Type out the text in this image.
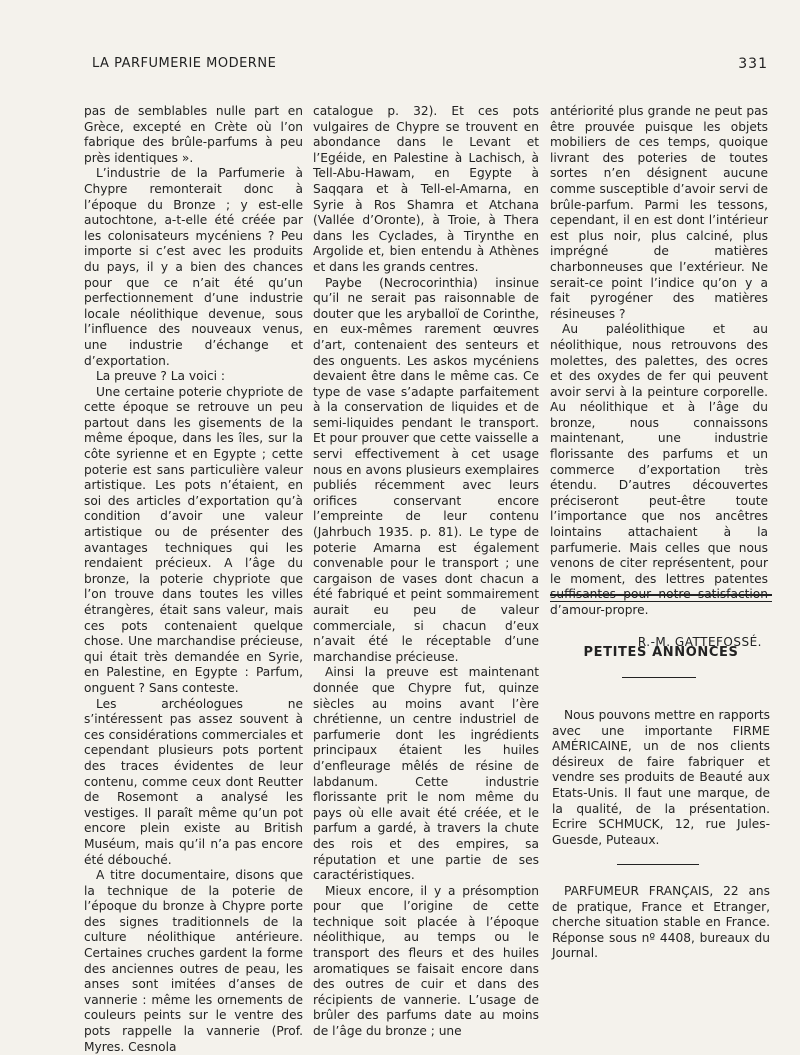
LA PARFUMERIE MODERNE	331

pas de semblables nulle part en Grèce, excepté en Crète où l’on fabrique des brûle-parfums à peu près identiques ».

L’industrie de la Parfumerie à Chypre remonterait donc à l’époque du Bronze ; y est-elle autochtone, a-t-elle été créée par les colonisateurs mycéniens ? Peu importe si c’est avec les produits du pays, il y a bien des chances pour que ce n’ait été qu’un perfectionnement d’une industrie locale néolithique devenue, sous l’influence des nouveaux venus, une industrie d’échange et d’exportation.

La preuve ? La voici :

Une certaine poterie chypriote de cette époque se retrouve un peu partout dans les gisements de la même époque, dans les îles, sur la côte syrienne et en Egypte ; cette poterie est sans particulière valeur artistique. Les pots n’étaient, en soi des articles d’exportation qu’à condition d’avoir une valeur artistique ou de présenter des avantages techniques qui les rendaient précieux. A l’âge du bronze, la poterie chypriote que l’on trouve dans toutes les villes étrangères, était sans valeur, mais ces pots contenaient quelque chose. Une marchandise précieuse, qui était très demandée en Syrie, en Palestine, en Egypte : Parfum, onguent ? Sans conteste.

Les archéologues ne s’intéressent pas assez souvent à ces considérations commerciales et cependant plusieurs pots portent des traces évidentes de leur contenu, comme ceux dont Reutter de Rosemont a analysé les vestiges. Il paraît même qu’un pot encore plein existe au British Muséum, mais qu’il n’a pas encore été débouché.

A titre documentaire, disons que la technique de la poterie de l’époque du bronze à Chypre porte des signes traditionnels de la culture néolithique antérieure. Certaines cruches gardent la forme des anciennes outres de peau, les anses sont imitées d’anses de vannerie : même les ornements de couleurs peints sur le ventre des pots rappelle la vannerie (Prof. Myres. Cesnola

catalogue p. 32). Et ces pots vulgaires de Chypre se trouvent en abondance dans le Levant et l’Egéide, en Palestine à Lachisch, à Tell-Abu-Hawam, en Egypte à Saqqara et à Tell-el-Amarna, en Syrie à Ros Shamra et Atchana (Vallée d’Oronte), à Troie, à Thera dans les Cyclades, à Tirynthe en Argolide et, bien entendu à Athènes et dans les grands centres.

Paybe (Necrocorinthia) insinue qu’il ne serait pas raisonnable de douter que les aryballoï de Corinthe, en eux-mêmes rarement œuvres d’art, contenaient des senteurs et des onguents. Les askos mycéniens devaient être dans le même cas. Ce type de vase s’adapte parfaitement à la conservation de liquides et de semi-liquides pendant le transport. Et pour prouver que cette vaisselle a servi effectivement à cet usage nous en avons plusieurs exemplaires publiés récemment avec leurs orifices conservant encore l’empreinte de leur contenu (Jahrbuch 1935. p. 81). Le type de poterie Amarna est également convenable pour le transport ; une cargaison de vases dont chacun a été fabriqué et peint sommairement aurait eu peu de valeur commerciale, si chacun d’eux n’avait été le réceptable d’une marchandise précieuse.

Ainsi la preuve est maintenant donnée que Chypre fut, quinze siècles au moins avant l’ère chrétienne, un centre industriel de parfumerie dont les ingrédients principaux étaient les huiles d’enfleurage mêlés de résine de labdanum. Cette industrie florissante prit le nom même du pays où elle avait été créée, et le parfum a gardé, à travers la chute des rois et des empires, sa réputation et une partie de ses caractéristiques.

Mieux encore, il y a présomption pour que l’origine de cette technique soit placée à l’époque néolithique, au temps ou le transport des fleurs et des huiles aromatiques se faisait encore dans des outres de cuir et dans des récipients de vannerie. L’usage de brûler des parfums date au moins de l’âge du bronze ; une

antériorité plus grande ne peut pas être prouvée puisque les objets mobiliers de ces temps, quoique livrant des poteries de toutes sortes n’en désignent aucune comme susceptible d’avoir servi de brûle-parfum. Parmi les tessons, cependant, il en est dont l’intérieur est plus noir, plus calciné, plus imprégné de matières charbonneuses que l’extérieur. Ne serait-ce point l’indice qu’on y a fait pyrogéner des matières résineuses ?

Au paléolithique et au néolithique, nous retrouvons des molettes, des palettes, des ocres et des oxydes de fer qui peuvent avoir servi à la peinture corporelle. Au néolithique et à l’âge du bronze, nous connaissons maintenant, une industrie florissante des parfums et un commerce d’exportation très étendu. D’autres découvertes préciseront peut-être toute l’importance que nos ancêtres lointains attachaient à la parfumerie. Mais celles que nous venons de citer représentent, pour le moment, des lettres patentes suffisantes pour notre satisfaction d’amour-propre.

R.-M. GATTEFOSSÉ.
PETITES ANNONCES

Nous pouvons mettre en rapports avec une importante FIRME AMÉRICAINE, un de nos clients désireux de faire fabriquer et vendre ses produits de Beauté aux Etats-Unis. Il faut une marque, de la qualité, de la présentation. Ecrire SCHMUCK, 12, rue Jules-Guesde, Puteaux.

PARFUMEUR FRANÇAIS, 22 ans de pratique, France et Etranger, cherche situation stable en France. Réponse sous nº 4408, bureaux du Journal.
